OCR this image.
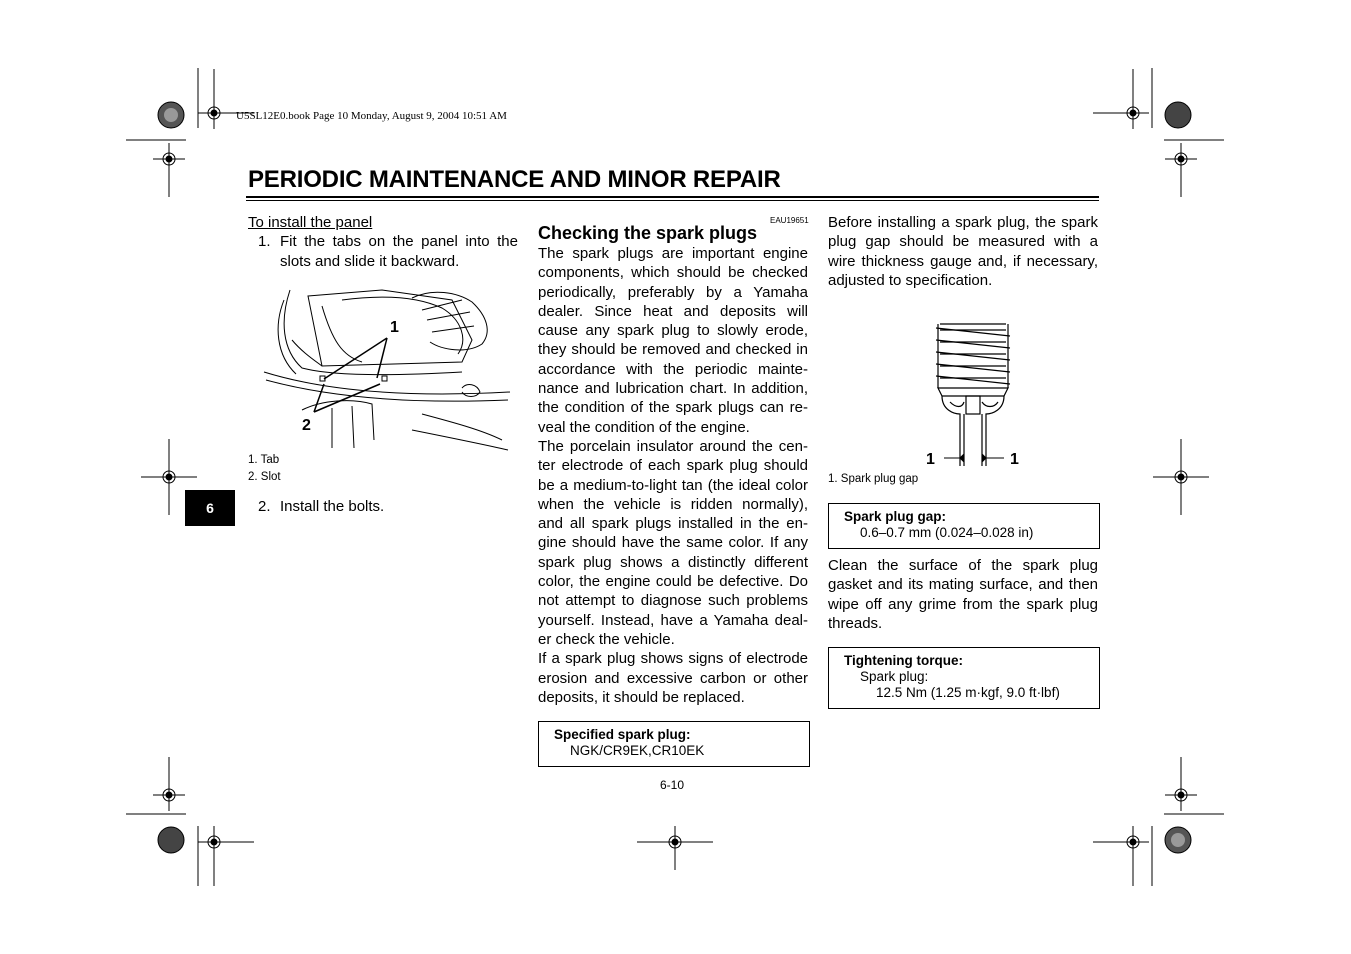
U5SL12E0.book Page 10 Monday, August 9, 2004 10:51 AM
PERIODIC MAINTENANCE AND MINOR REPAIR

To install the panel

1. Fit the tabs on the panel into the slots and slide it backward.
1
2
1. Tab
2. Slot
2. Install the bolts.
6
EAU19651
Checking the spark plugs

The spark plugs are important engine components, which should be checked periodically, preferably by a Yamaha dealer. Since heat and deposits will cause any spark plug to slowly erode, they should be removed and checked in accordance with the periodic mainte-nance and lubrication chart. In addition, the condition of the spark plugs can re-veal the condition of the engine.

The porcelain insulator around the cen-ter electrode of each spark plug should be a medium-to-light tan (the ideal color when the vehicle is ridden normally), and all spark plugs installed in the en-gine should have the same color. If any spark plug shows a distinctly different color, the engine could be defective. Do not attempt to diagnose such problems yourself. Instead, have a Yamaha deal-er check the vehicle.

If a spark plug shows signs of electrode erosion and excessive carbon or other deposits, it should be replaced.

Specified spark plug:
NGK/CR9EK,CR10EK
6-10

Before installing a spark plug, the spark plug gap should be measured with a wire thickness gauge and, if necessary, adjusted to specification.

1	1
1. Spark plug gap
Spark plug gap:
0.6–0.7 mm (0.024–0.028 in)

Clean the surface of the spark plug gasket and its mating surface, and then wipe off any grime from the spark plug threads.

Tightening torque:
Spark plug:
12.5 Nm (1.25 m·kgf, 9.0 ft·lbf)
